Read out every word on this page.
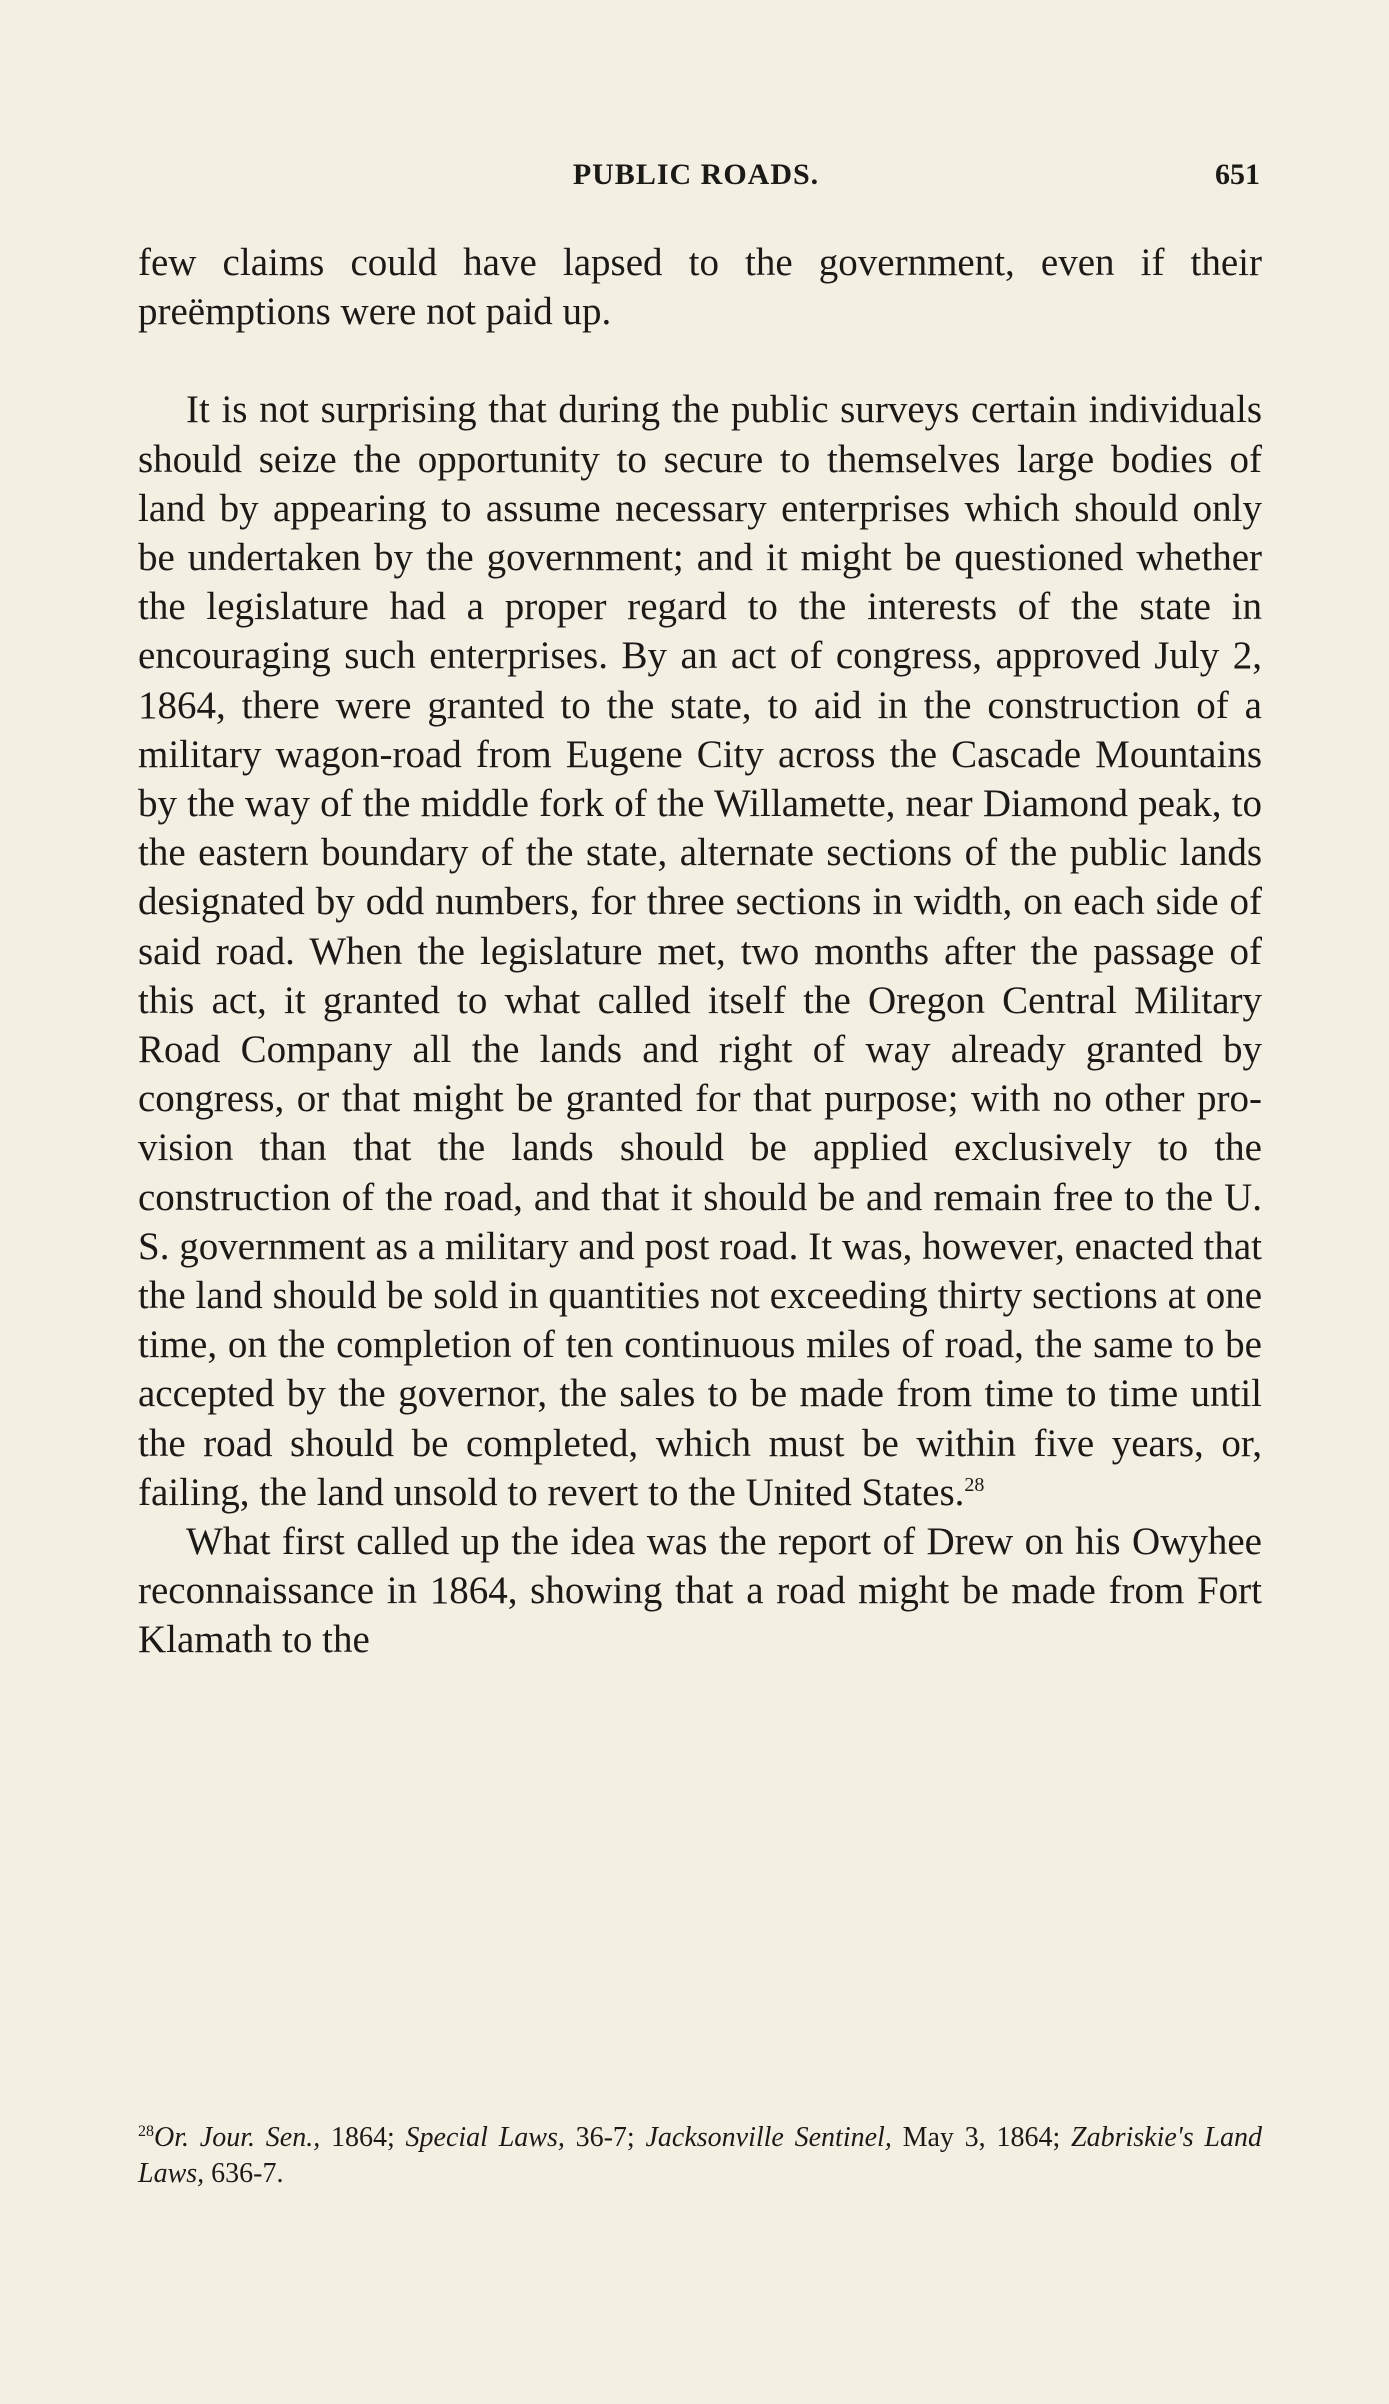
PUBLIC ROADS.	651

few claims could have lapsed to the government, even if their preëmptions were not paid up.

It is not surprising that during the public surveys certain individuals should seize the opportunity to secure to themselves large bodies of land by appearing to assume necessary enterprises which should only be undertaken by the government; and it might be questioned whether the legislature had a proper regard to the interests of the state in encouraging such enterprises. By an act of congress, approved July 2, 1864, there were granted to the state, to aid in the construction of a military wagon-road from Eugene City across the Cascade Mountains by the way of the middle fork of the Willamette, near Diamond peak, to the eastern boundary of the state, alternate sections of the public lands designated by odd numbers, for three sections in width, on each side of said road. When the legislature met, two months after the passage of this act, it granted to what called itself the Oregon Central Military Road Company all the lands and right of way already granted by congress, or that might be granted for that purpose; with no other provision than that the lands should be applied exclusively to the construction of the road, and that it should be and remain free to the U. S. government as a military and post road. It was, however, enacted that the land should be sold in quantities not exceeding thirty sections at one time, on the completion of ten continuous miles of road, the same to be accepted by the governor, the sales to be made from time to time until the road should be completed, which must be within five years, or, failing, the land unsold to revert to the United States.$^{28}$

What first called up the idea was the report of Drew on his Owyhee reconnaissance in 1864, showing that a road might be made from Fort Klamath to the

$^{28}$Or. Jour. Sen., 1864; Special Laws, 36-7; Jacksonville Sentinel, May 3, 1864; Zabriskie's Land Laws, 636-7.
